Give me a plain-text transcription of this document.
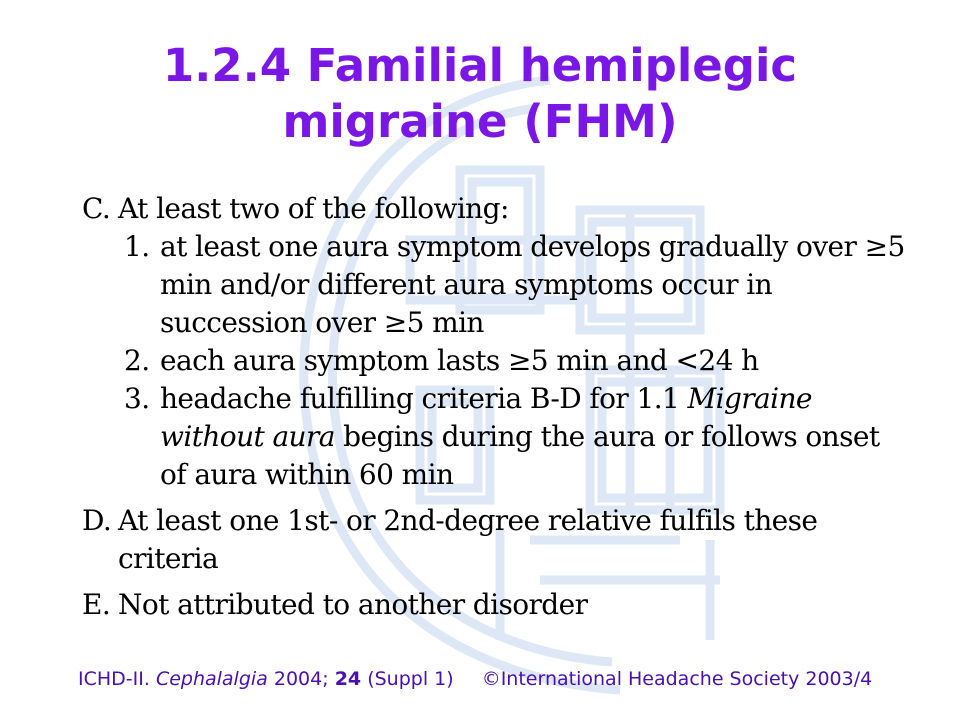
1.2.4 Familial hemiplegic
migraine (FHM)
C. At least two of the following:
1. at least one aura symptom develops gradually over ≥5 min and/or different aura symptoms occur in succession over ≥5 min
2. each aura symptom lasts ≥5 min and <24 h
3. headache fulfilling criteria B-D for 1.1 Migraine without aura begins during the aura or follows onset of aura within 60 min
D. At least one 1st- or 2nd-degree relative fulfils these criteria
E. Not attributed to another disorder
ICHD-II. Cephalalgia 2004; 24 (Suppl 1) ©International Headache Society 2003/4
